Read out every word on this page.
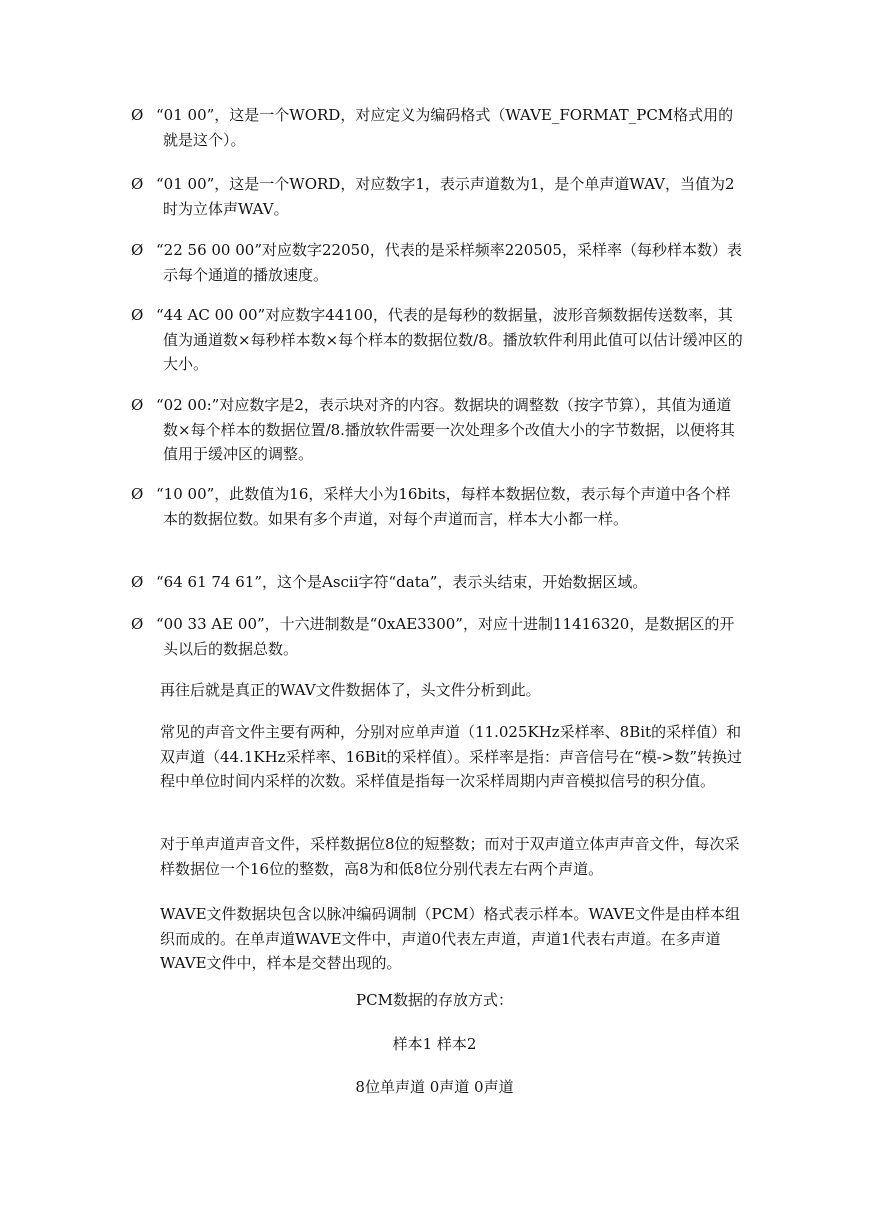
Ø “01 00”，这是一个WORD，对应定义为编码格式（WAVE_FORMAT_PCM格式用的就是这个）。
Ø “01 00”，这是一个WORD，对应数字1，表示声道数为1，是个单声道WAV，当值为2时为立体声WAV。
Ø “22 56 00 00”对应数字22050，代表的是采样频率220505，采样率（每秒样本数）表示每个通道的播放速度。
Ø “44 AC 00 00”对应数字44100，代表的是每秒的数据量，波形音频数据传送数率，其值为通道数×每秒样本数×每个样本的数据位数/8。播放软件利用此值可以估计缓冲区的大小。
Ø “02 00:”对应数字是2，表示块对齐的内容。数据块的调整数（按字节算），其值为通道数×每个样本的数据位置/8.播放软件需要一次处理多个改值大小的字节数据，以便将其值用于缓冲区的调整。
Ø “10 00”，此数值为16，采样大小为16bits，每样本数据位数，表示每个声道中各个样本的数据位数。如果有多个声道，对每个声道而言，样本大小都一样。
Ø “64 61 74 61”，这个是Ascii字符“data”，表示头结束，开始数据区域。
Ø “00 33 AE 00”，十六进制数是“0xAE3300”，对应十进制11416320，是数据区的开头以后的数据总数。
再往后就是真正的WAV文件数据体了，头文件分析到此。
常见的声音文件主要有两种，分别对应单声道（11.025KHz采样率、8Bit的采样值）和双声道（44.1KHz采样率、16Bit的采样值）。采样率是指：声音信号在“模->数”转换过程中单位时间内采样的次数。采样值是指每一次采样周期内声音模拟信号的积分值。
对于单声道声音文件，采样数据位8位的短整数；而对于双声道立体声声音文件，每次采样数据位一个16位的整数，高8为和低8位分别代表左右两个声道。
WAVE文件数据块包含以脉冲编码调制（PCM）格式表示样本。WAVE文件是由样本组织而成的。在单声道WAVE文件中，声道0代表左声道，声道1代表右声道。在多声道WAVE文件中，样本是交替出现的。
PCM数据的存放方式：
样本1 样本2
8位单声道 0声道 0声道
